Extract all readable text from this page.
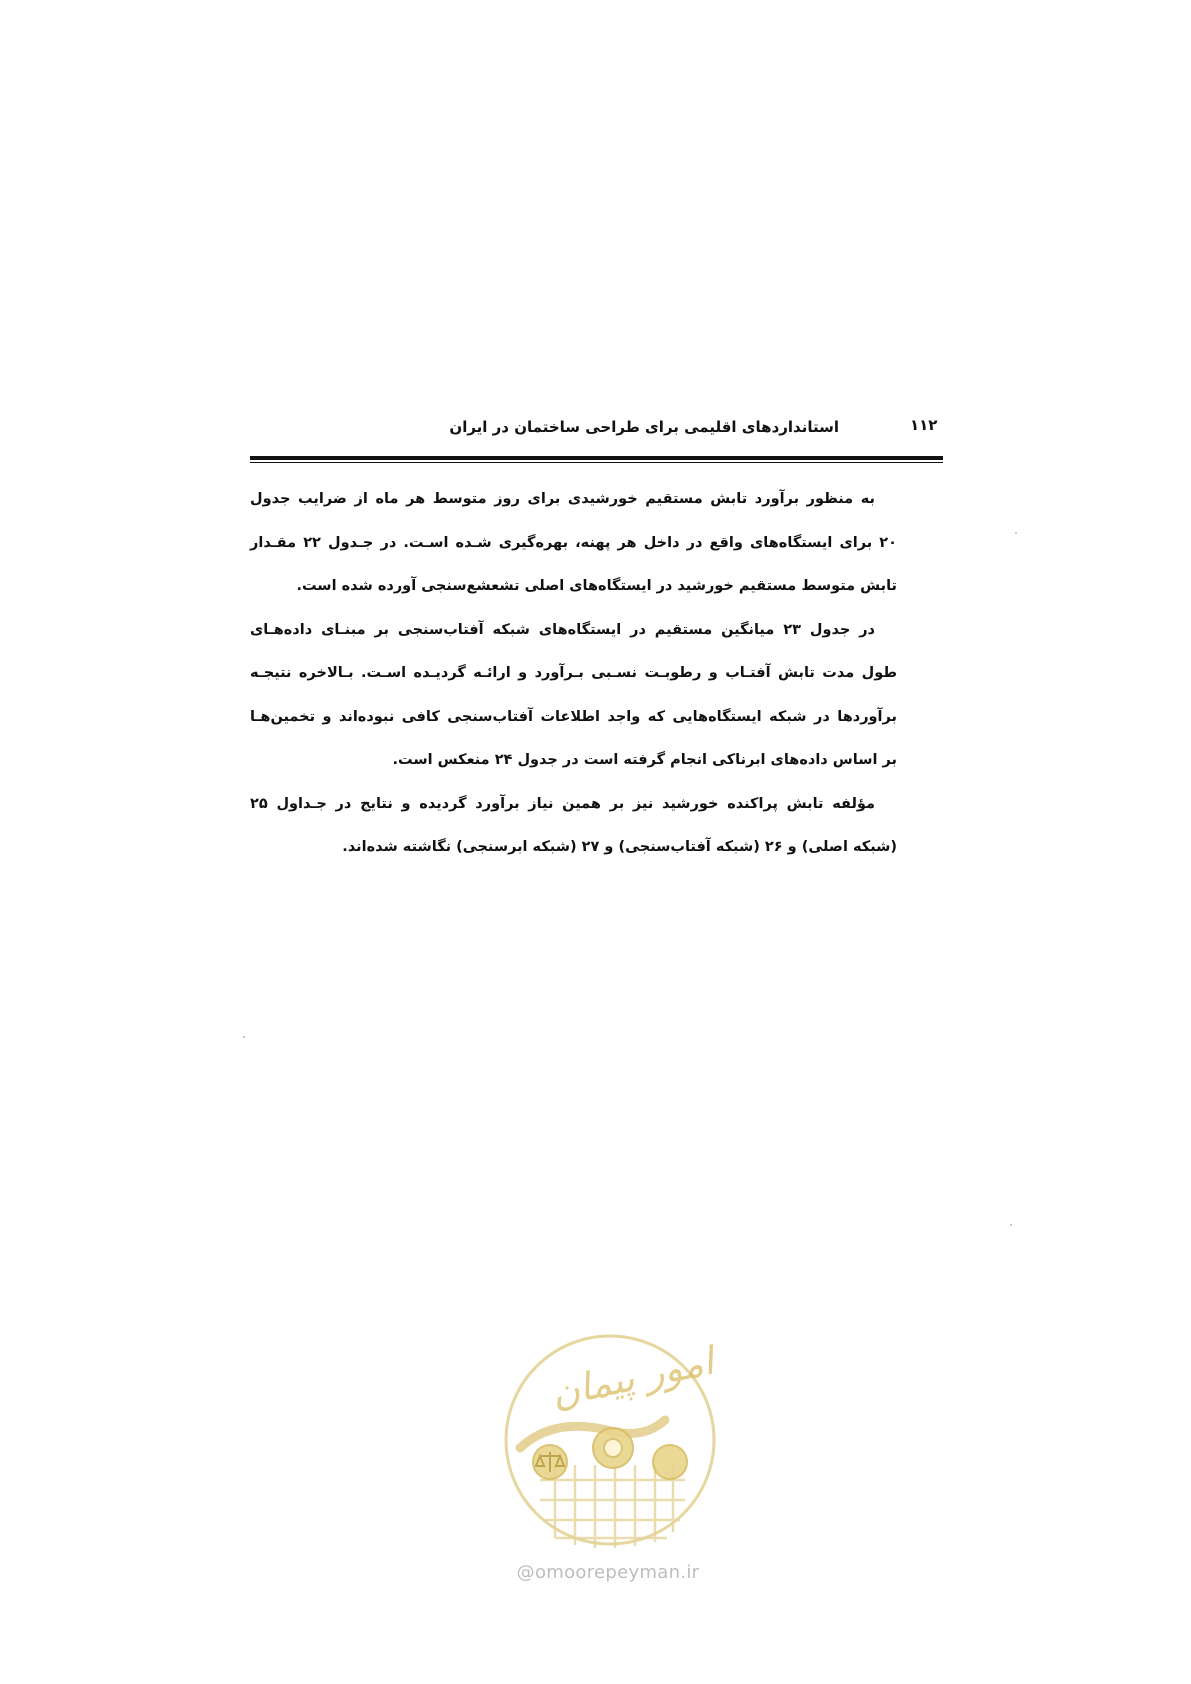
۱۱۲
استانداردهای اقلیمی برای طراحی ساختمان در ایران
به منظور برآورد تابش مستقیم خورشیدی برای روز متوسط هر ماه از ضرایب جدول
۲۰ برای ایستگاه‌های واقع در داخل هر پهنه، بهره‌گیری شـده اسـت. در جـدول ۲۲ مقـدار
تابش متوسط مستقیم خورشید در ایستگاه‌های اصلی تشعشع‌سنجی آورده شده است.
در جدول ۲۳ میانگین مستقیم در ایستگاه‌های شبکه آفتاب‌سنجی بر مبنـای داده‌هـای
طول مدت تابش آفتـاب و رطوبـت نسـبی بـرآورد و ارائـه گردیـده اسـت. بـالاخره نتیجـه
برآوردها در شبکه ایستگاه‌هایی که واجد اطلاعات آفتاب‌سنجی کافی نبوده‌اند و تخمین‌هـا
بر اساس داده‌های ابرناکی انجام گرفته است در جدول ۲۴ منعکس است.
مؤلفه تابش پراکنده خورشید نیز بر همین نیاز برآورد گردیده و نتایج در جـداول ۲۵
(شبکه اصلی) و ۲۶ (شبکه آفتاب‌سنجی) و ۲۷ (شبکه ابرسنجی) نگاشته شده‌اند.
امور پیمان
@omoorepeyman.ir
